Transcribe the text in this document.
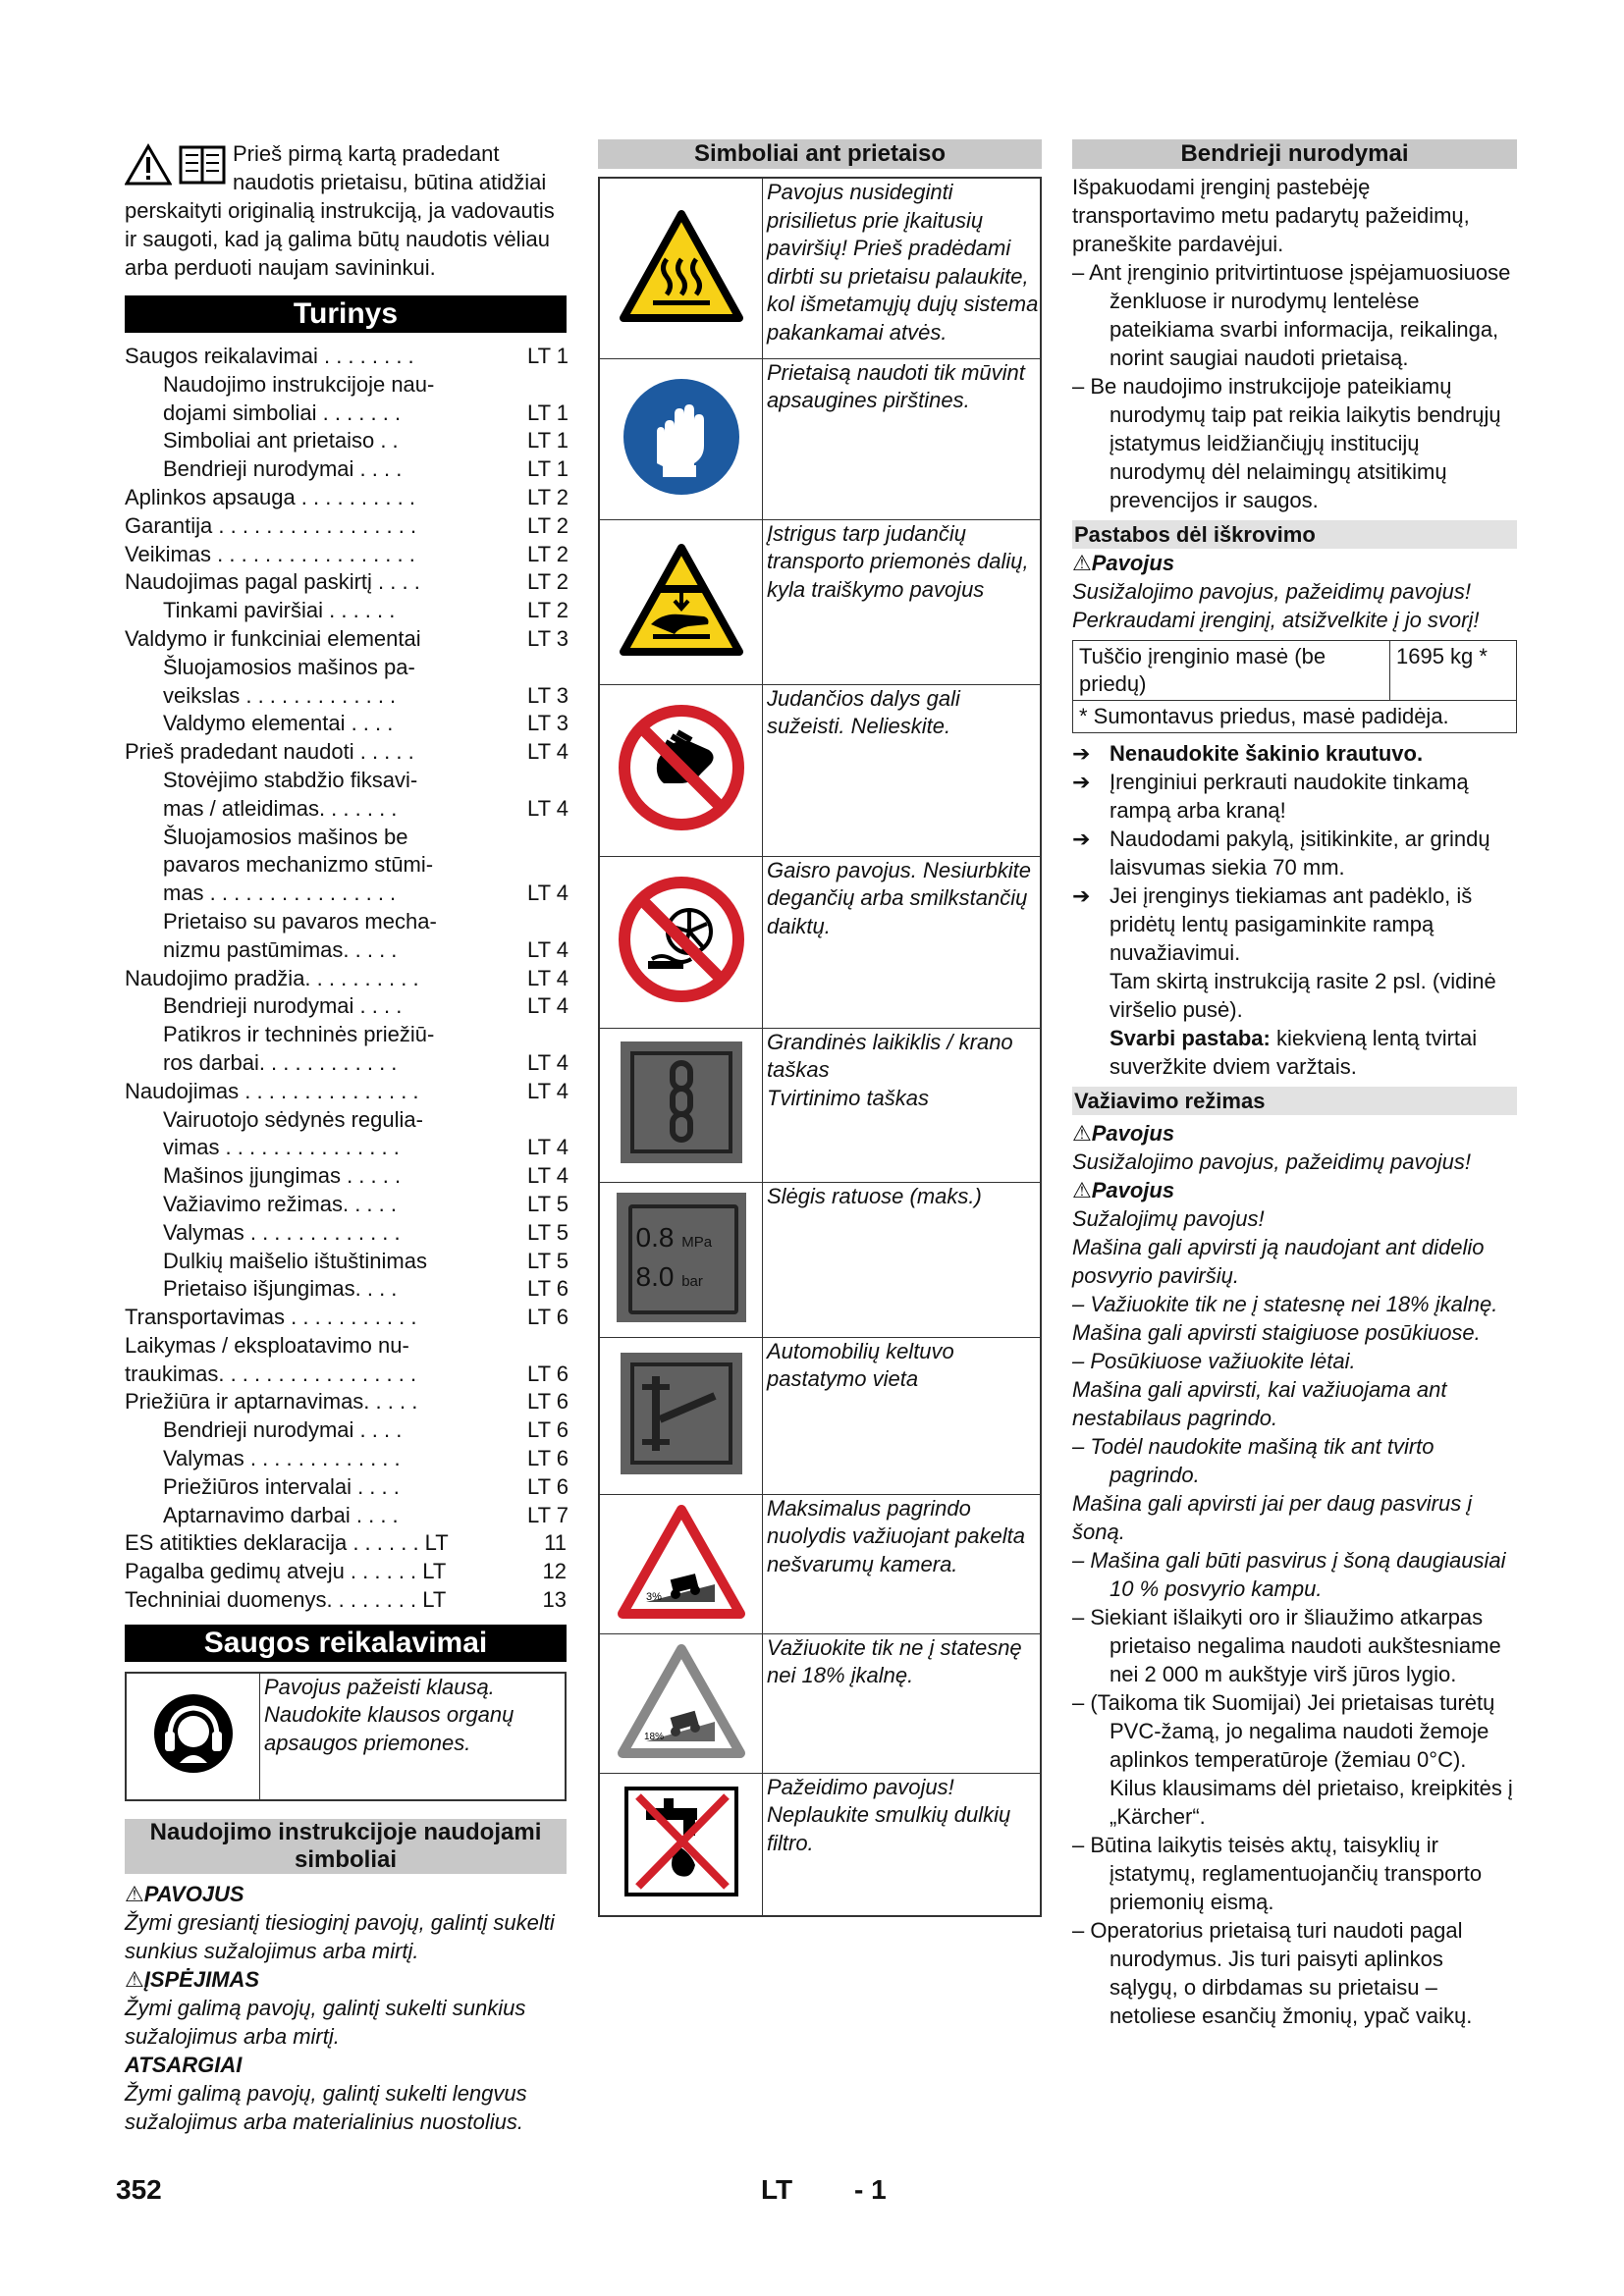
Prieš pirmą kartą pradedant naudotis prietaisu, būtina atidžiai perskaityti originalią instrukciją, ja vadovautis ir saugoti, kad ją galima būtų naudotis vėliau arba perduoti naujam savininkui.
Turinys
Saugos reikalavimai . . . . . . . .	LT 1
Naudojimo instrukcijoje nau-
dojami simboliai . . . . . . .	LT 1
Simboliai ant prietaiso . .	LT 1
Bendrieji nurodymai . . . .	LT 1
Aplinkos apsauga . . . . . . . . . .	LT 2
Garantija . . . . . . . . . . . . . . . . .	LT 2
Veikimas . . . . . . . . . . . . . . . . .	LT 2
Naudojimas pagal paskirtį . . . .	LT 2
Tinkami paviršiai . . . . . .	LT 2
Valdymo ir funkciniai elementai	LT 3
Šluojamosios mašinos pa-
veikslas . . . . . . . . . . . . .	LT 3
Valdymo elementai . . . .	LT 3
Prieš pradedant naudoti . . . . .	LT 4
Stovėjimo stabdžio fiksavi-
mas / atleidimas. . . . . . .	LT 4
Šluojamosios mašinos be
pavaros mechanizmo stūmi-
mas . . . . . . . . . . . . . . . .	LT 4
Prietaiso su pavaros mecha-
nizmu pastūmimas. . . . .	LT 4
Naudojimo pradžia. . . . . . . . . .	LT 4
Bendrieji nurodymai . . . .	LT 4
Patikros ir techninės priežiū-
ros darbai. . . . . . . . . . . .	LT 4
Naudojimas . . . . . . . . . . . . . . .	LT 4
Vairuotojo sėdynės regulia-
vimas . . . . . . . . . . . . . . .	LT 4
Mašinos įjungimas . . . . .	LT 4
Važiavimo režimas. . . . .	LT 5
Valymas . . . . . . . . . . . . .	LT 5
Dulkių maišelio ištuštinimas	LT 5
Prietaiso išjungimas. . . .	LT 6
Transportavimas . . . . . . . . . . .	LT 6
Laikymas / eksploatavimo nu-
traukimas. . . . . . . . . . . . . . . . .	LT 6
Priežiūra ir aptarnavimas. . . . .	LT 6
Bendrieji nurodymai . . . .	LT 6
Valymas . . . . . . . . . . . . .	LT 6
Priežiūros intervalai . . . .	LT 6
Aptarnavimo darbai . . . .	LT 7
ES atitikties deklaracija . . . . . . LT	11
Pagalba gedimų atveju . . . . . . LT	12
Techniniai duomenys. . . . . . . . LT	13
Saugos reikalavimai
	Pavojus pažeisti klausą. Naudokite klausos organų apsaugos priemones.
Naudojimo instrukcijoje naudojami simboliai
⚠PAVOJUS
Žymi gresiantį tiesioginį pavojų, galintį sukelti sunkius sužalojimus arba mirtį.
⚠ĮSPĖJIMAS
Žymi galimą pavojų, galintį sukelti sunkius sužalojimus arba mirtį.
ATSARGIAI
Žymi galimą pavojų, galintį sukelti lengvus sužalojimus arba materialinius nuostolius.
Simboliai ant prietaiso
	Pavojus nusideginti prisilietus prie įkaitusių paviršių! Prieš pradėdami dirbti su prietaisu palaukite, kol išmetamųjų dujų sistema pakankamai atvės.
	Prietaisą naudoti tik mūvint apsaugines pirštines.
	Įstrigus tarp judančių transporto priemonės dalių, kyla traiškymo pavojus
	Judančios dalys gali sužeisti. Nelieskite.
	Gaisro pavojus. Nesiurbkite degančių arba smilkstančių daiktų.
	Grandinės laikiklis / krano taškas
Tvirtinimo taškas

0.8 MPa
8.0 bar	Slėgis ratuose (maks.)
	Automobilių keltuvo pastatymo vieta

3%	Maksimalus pagrindo nuolydis važiuojant pakelta nešvarumų kamera.

18%	Važiuokite tik ne į statesnę nei 18% įkalnę.
	Pažeidimo pavojus! Neplaukite smulkių dulkių filtro.
Bendrieji nurodymai
Išpakuodami įrenginį pastebėję transportavimo metu padarytų pažeidimų, praneškite pardavėjui.
– Ant įrenginio pritvirtintuose įspėjamuosiuose ženkluose ir nurodymų lentelėse pateikiama svarbi informacija, reikalinga, norint saugiai naudoti prietaisą.
– Be naudojimo instrukcijoje pateikiamų nurodymų taip pat reikia laikytis bendrųjų įstatymus leidžiančiųjų institucijų nurodymų dėl nelaimingų atsitikimų prevencijos ir saugos.
Pastabos dėl iškrovimo
⚠Pavojus
Susižalojimo pavojus, pažeidimų pavojus! Perkraudami įrenginį, atsižvelkite į jo svorį!
Tuščio įrenginio masė (be priedų)	1695 kg *
* Sumontavus priedus, masė padidėja.
➔ Nenaudokite šakinio krautuvo.
➔ Įrenginiui perkrauti naudokite tinkamą rampą arba kraną!
➔ Naudodami pakylą, įsitikinkite, ar grindų laisvumas siekia 70 mm.
➔ Jei įrenginys tiekiamas ant padėklo, iš pridėtų lentų pasigaminkite rampą nuvažiavimui.
Tam skirtą instrukciją rasite 2 psl. (vidinė viršelio pusė).
Svarbi pastaba: kiekvieną lentą tvirtai suveržkite dviem varžtais.
Važiavimo režimas
⚠Pavojus
Susižalojimo pavojus, pažeidimų pavojus!
⚠Pavojus
Sužalojimų pavojus!
Mašina gali apvirsti ją naudojant ant didelio posvyrio paviršių.
– Važiuokite tik ne į statesnę nei 18% įkalnę.
Mašina gali apvirsti staigiuose posūkiuose.
– Posūkiuose važiuokite lėtai.
Mašina gali apvirsti, kai važiuojama ant nestabilaus pagrindo.
– Todėl naudokite mašiną tik ant tvirto pagrindo.
Mašina gali apvirsti jai per daug pasvirus į šoną.
– Mašina gali būti pasvirus į šoną daugiausiai 10 % posvyrio kampu.
– Siekiant išlaikyti oro ir šliaužimo atkarpas prietaiso negalima naudoti aukštesniame nei 2 000 m aukštyje virš jūros lygio.
– (Taikoma tik Suomijai) Jei prietaisas turėtų PVC-žamą, jo negalima naudoti žemoje aplinkos temperatūroje (žemiau 0°C). Kilus klausimams dėl prietaiso, kreipkitės į „Kärcher“.
– Būtina laikytis teisės aktų, taisyklių ir įstatymų, reglamentuojančių transporto priemonių eismą.
– Operatorius prietaisą turi naudoti pagal nurodymus. Jis turi paisyti aplinkos sąlygų, o dirbdamas su prietaisu – netoliese esančių žmonių, ypač vaikų.
352	LT - 1
